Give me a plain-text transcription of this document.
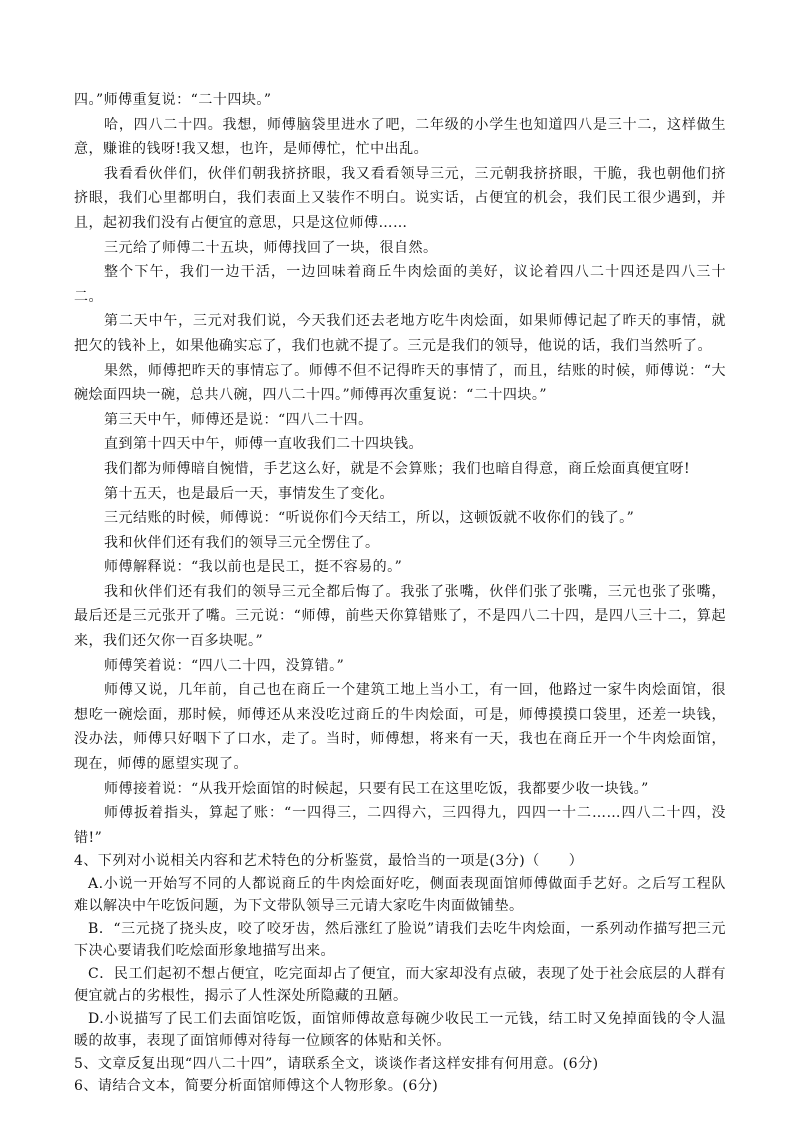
四。”师傅重复说：“二十四块。”

哈，四八二十四。我想，师傅脑袋里进水了吧，二年级的小学生也知道四八是三十二，这样做生意，赚谁的钱呀!我又想，也许，是师傅忙，忙中出乱。

我看看伙伴们，伙伴们朝我挤挤眼，我又看看领导三元，三元朝我挤挤眼，干脆，我也朝他们挤挤眼，我们心里都明白，我们表面上又装作不明白。说实话，占便宜的机会，我们民工很少遇到，并且，起初我们没有占便宜的意思，只是这位师傅……

三元给了师傅二十五块，师傅找回了一块，很自然。

整个下午，我们一边干活，一边回味着商丘牛肉烩面的美好，议论着四八二十四还是四八三十二。

第二天中午，三元对我们说，今天我们还去老地方吃牛肉烩面，如果师傅记起了昨天的事情，就把欠的钱补上，如果他确实忘了，我们也就不提了。三元是我们的领导，他说的话，我们当然听了。

果然，师傅把昨天的事情忘了。师傅不但不记得昨天的事情了，而且，结账的时候，师傅说：“大碗烩面四块一碗，总共八碗，四八二十四。”师傅再次重复说：“二十四块。”

第三天中午，师傅还是说：“四八二十四。

直到第十四天中午，师傅一直收我们二十四块钱。

我们都为师傅暗自惋惜，手艺这么好，就是不会算账；我们也暗自得意，商丘烩面真便宜呀!

第十五天，也是最后一天，事情发生了变化。

三元结账的时候，师傅说：“听说你们今天结工，所以，这顿饭就不收你们的钱了。”

我和伙伴们还有我们的领导三元全愣住了。

师傅解释说：“我以前也是民工，挺不容易的。”

我和伙伴们还有我们的领导三元全都后悔了。我张了张嘴，伙伴们张了张嘴，三元也张了张嘴，最后还是三元张开了嘴。三元说：“师傅，前些天你算错账了，不是四八二十四，是四八三十二，算起来，我们还欠你一百多块呢。”

师傅笑着说：“四八二十四，没算错。”

师傅又说，几年前，自己也在商丘一个建筑工地上当小工，有一回，他路过一家牛肉烩面馆，很想吃一碗烩面，那时候，师傅还从来没吃过商丘的牛肉烩面，可是，师傅摸摸口袋里，还差一块钱，没办法，师傅只好咽下了口水，走了。当时，师傅想，将来有一天，我也在商丘开一个牛肉烩面馆，现在，师傅的愿望实现了。

师傅接着说：“从我开烩面馆的时候起，只要有民工在这里吃饭，我都要少收一块钱。”

师傅扳着指头，算起了账：“一四得三，二四得六，三四得九，四四一十二……四八二十四，没错!”

4、下列对小说相关内容和艺术特色的分析鉴赏，最恰当的一项是(3分)（　　）

A.小说一开始写不同的人都说商丘的牛肉烩面好吃，侧面表现面馆师傅做面手艺好。之后写工程队难以解决中午吃饭问题，为下文带队领导三元请大家吃牛肉面做铺垫。

B．“三元挠了挠头皮，咬了咬牙齿，然后涨红了脸说”请我们去吃牛肉烩面，一系列动作描写把三元下决心要请我们吃烩面形象地描写出来。

C．民工们起初不想占便宜，吃完面却占了便宜，而大家却没有点破，表现了处于社会底层的人群有便宜就占的劣根性，揭示了人性深处所隐藏的丑陋。

D.小说描写了民工们去面馆吃饭，面馆师傅故意每碗少收民工一元钱，结工时又免掉面钱的令人温暖的故事，表现了面馆师傅对待每一位顾客的体贴和关怀。

5、文章反复出现“四八二十四”，请联系全文，谈谈作者这样安排有何用意。(6分)

6、请结合文本，简要分析面馆师傅这个人物形象。(6分)
